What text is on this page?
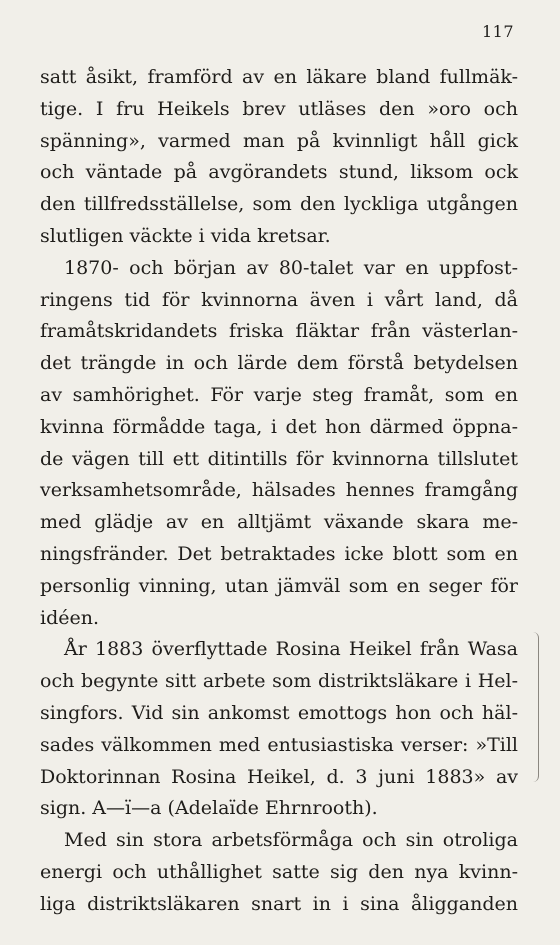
117
satt åsikt, framförd av en läkare bland fullmäk-
tige. I fru Heikels brev utläses den »oro och
spänning», varmed man på kvinnligt håll gick
och väntade på avgörandets stund, liksom ock
den tillfredsställelse, som den lyckliga utgången
slutligen väckte i vida kretsar.
1870- och början av 80-talet var en uppfost-
ringens tid för kvinnorna även i vårt land, då
framåtskridandets friska fläktar från västerlan-
det trängde in och lärde dem förstå betydelsen
av samhörighet. För varje steg framåt, som en
kvinna förmådde taga, i det hon därmed öppna-
de vägen till ett ditintills för kvinnorna tillslutet
verksamhetsområde, hälsades hennes framgång
med glädje av en alltjämt växande skara me-
ningsfränder. Det betraktades icke blott som en
personlig vinning, utan jämväl som en seger för
idéen.
År 1883 överflyttade Rosina Heikel från Wasa
och begynte sitt arbete som distriktsläkare i Hel-
singfors. Vid sin ankomst emottogs hon och häl-
sades välkommen med entusiastiska verser: »Till
Doktorinnan Rosina Heikel, d. 3 juni 1883» av
sign. A—ï—a (Adelaïde Ehrnrooth).
Med sin stora arbetsförmåga och sin otroliga
energi och uthållighet satte sig den nya kvinn-
liga distriktsläkaren snart in i sina åligganden
